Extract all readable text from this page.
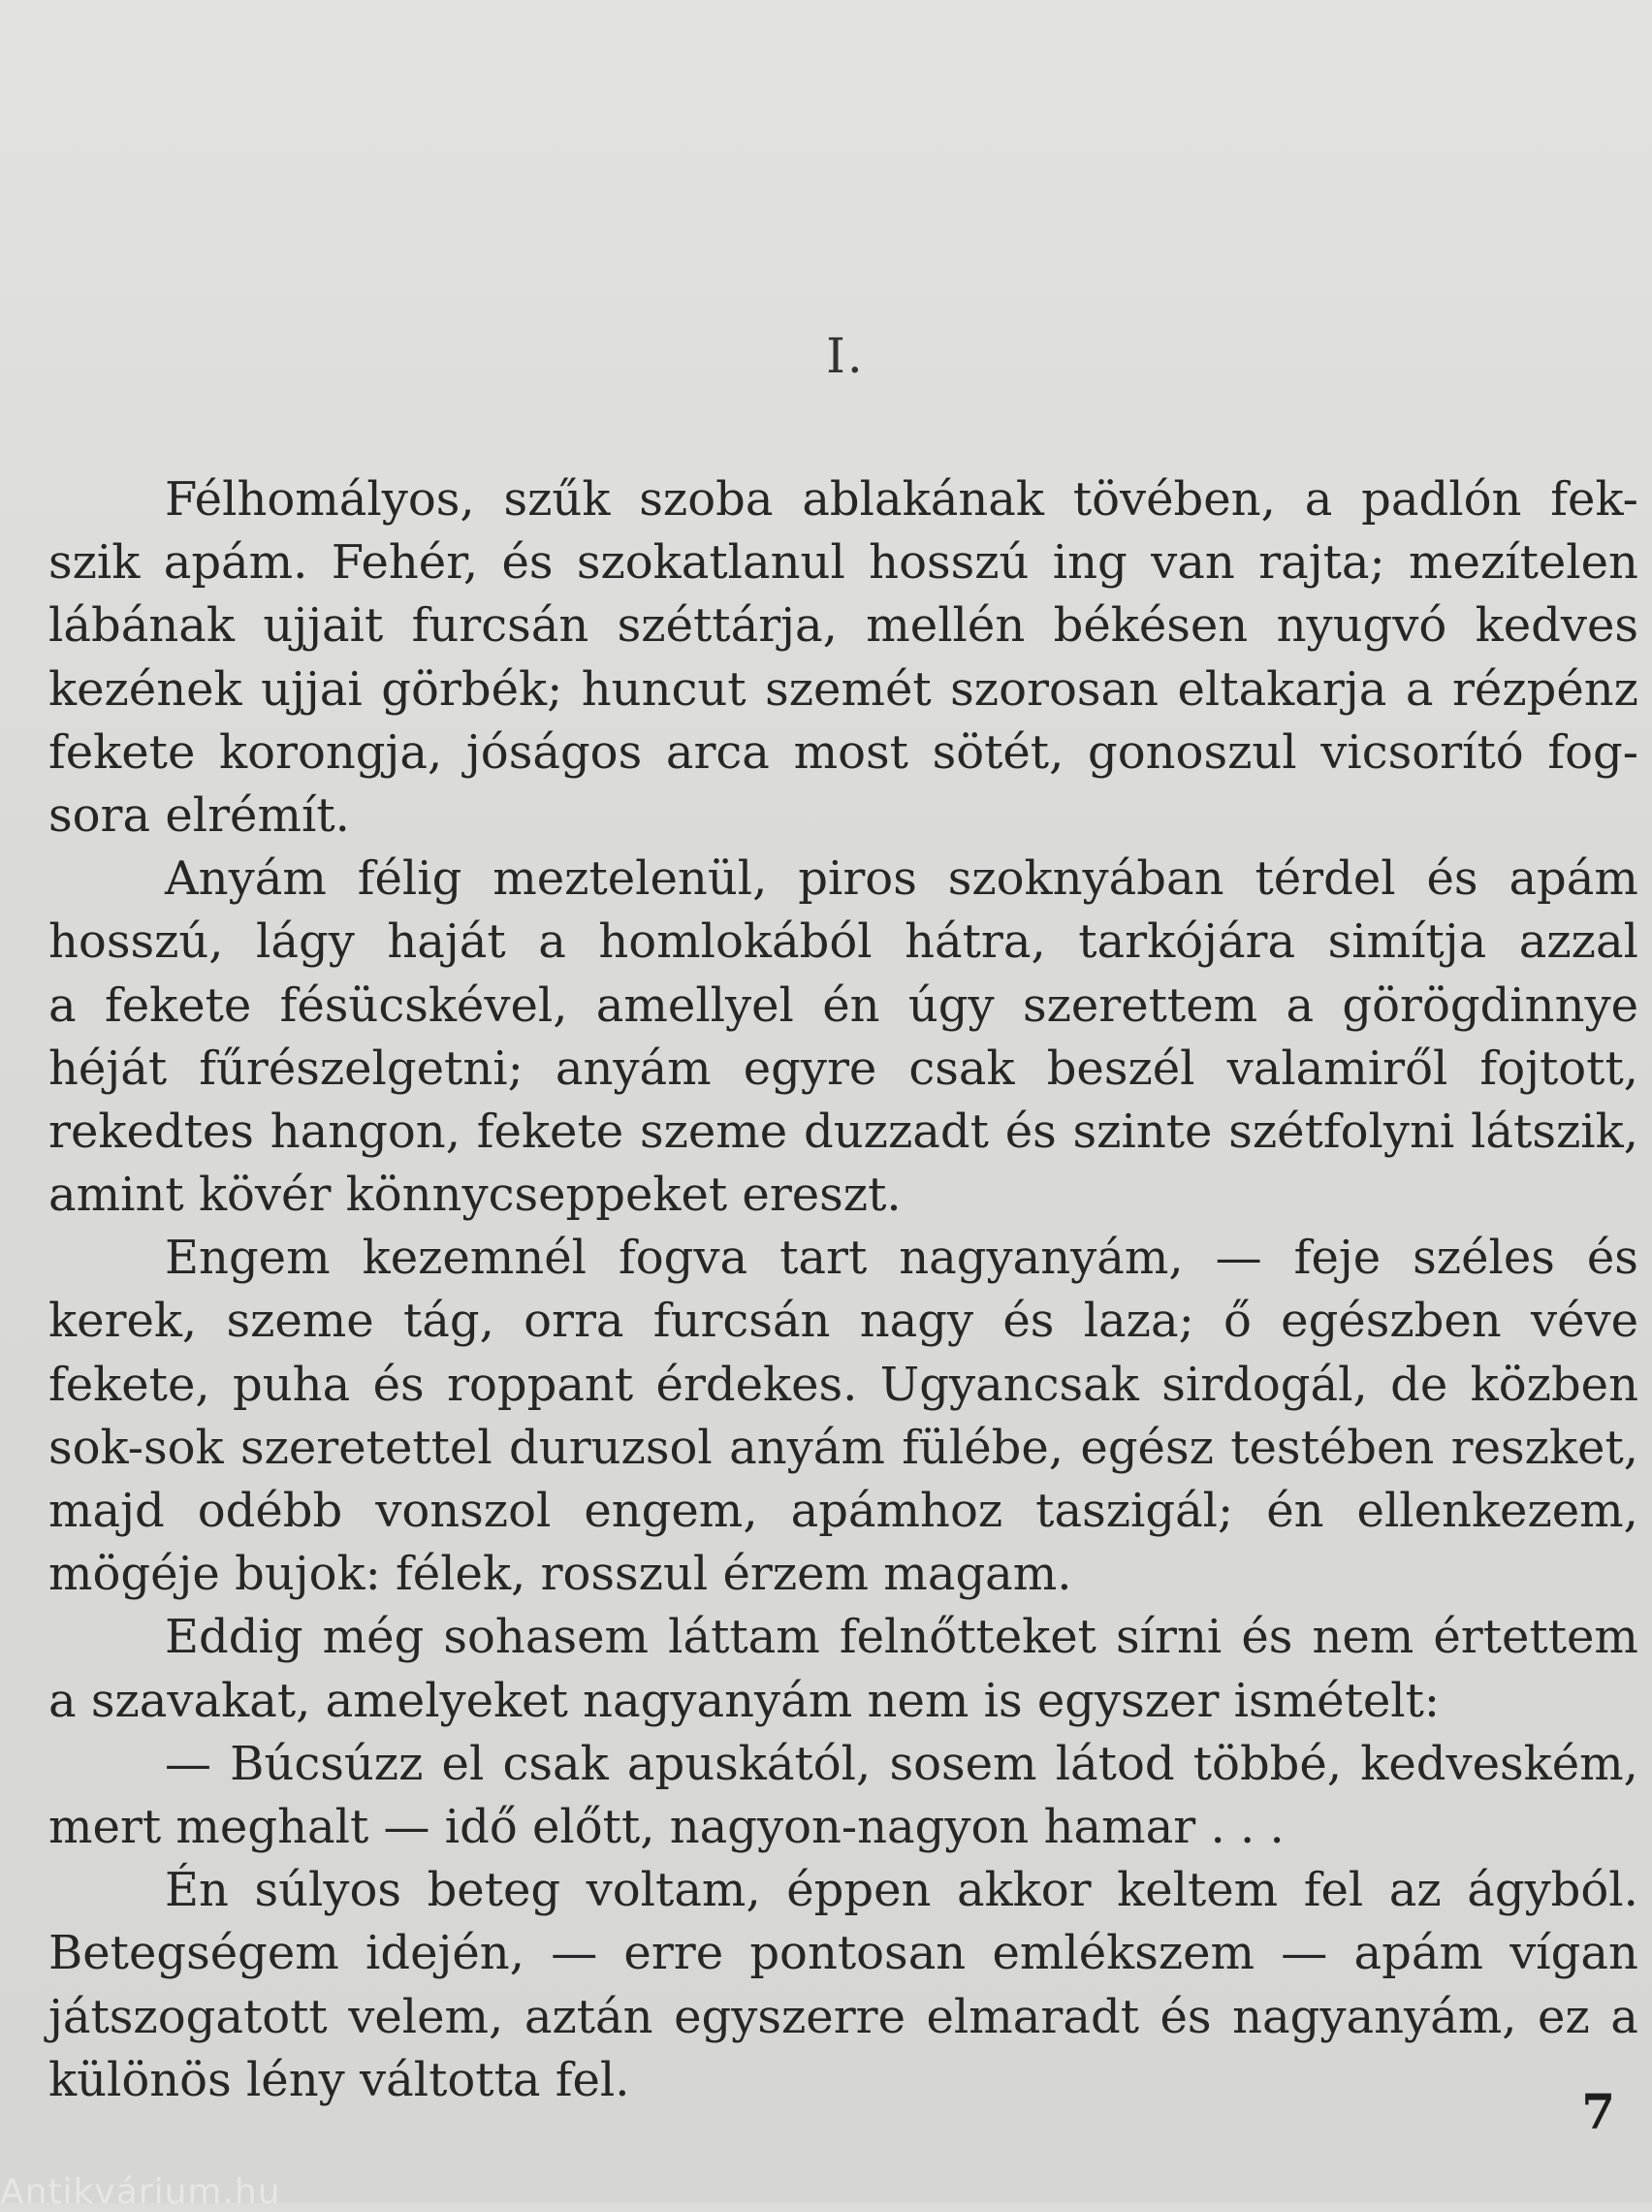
I.
Félhomályos, szűk szoba ablakának tövében, a padlón fek-
szik apám. Fehér, és szokatlanul hosszú ing van rajta; mezítelen
lábának ujjait furcsán széttárja, mellén békésen nyugvó kedves
kezének ujjai görbék; huncut szemét szorosan eltakarja a rézpénz
fekete korongja, jóságos arca most sötét, gonoszul vicsorító fog-
sora elrémít.
Anyám félig meztelenül, piros szoknyában térdel és apám
hosszú, lágy haját a homlokából hátra, tarkójára simítja azzal
a fekete fésücskével, amellyel én úgy szerettem a görögdinnye
héját fűrészelgetni; anyám egyre csak beszél valamiről fojtott,
rekedtes hangon, fekete szeme duzzadt és szinte szétfolyni látszik,
amint kövér könnycseppeket ereszt.
Engem kezemnél fogva tart nagyanyám, — feje széles és
kerek, szeme tág, orra furcsán nagy és laza; ő egészben véve
fekete, puha és roppant érdekes. Ugyancsak sirdogál, de közben
sok-sok szeretettel duruzsol anyám fülébe, egész testében reszket,
majd odébb vonszol engem, apámhoz taszigál; én ellenkezem,
mögéje bujok: félek, rosszul érzem magam.
Eddig még sohasem láttam felnőtteket sírni és nem értettem
a szavakat, amelyeket nagyanyám nem is egyszer ismételt:
— Búcsúzz el csak apuskától, sosem látod többé, kedveském,
mert meghalt — idő előtt, nagyon-nagyon hamar . . .
Én súlyos beteg voltam, éppen akkor keltem fel az ágyból.
Betegségem idején, — erre pontosan emlékszem — apám vígan
játszogatott velem, aztán egyszerre elmaradt és nagyanyám, ez a
különös lény váltotta fel.
7
Antikvárium.hu
